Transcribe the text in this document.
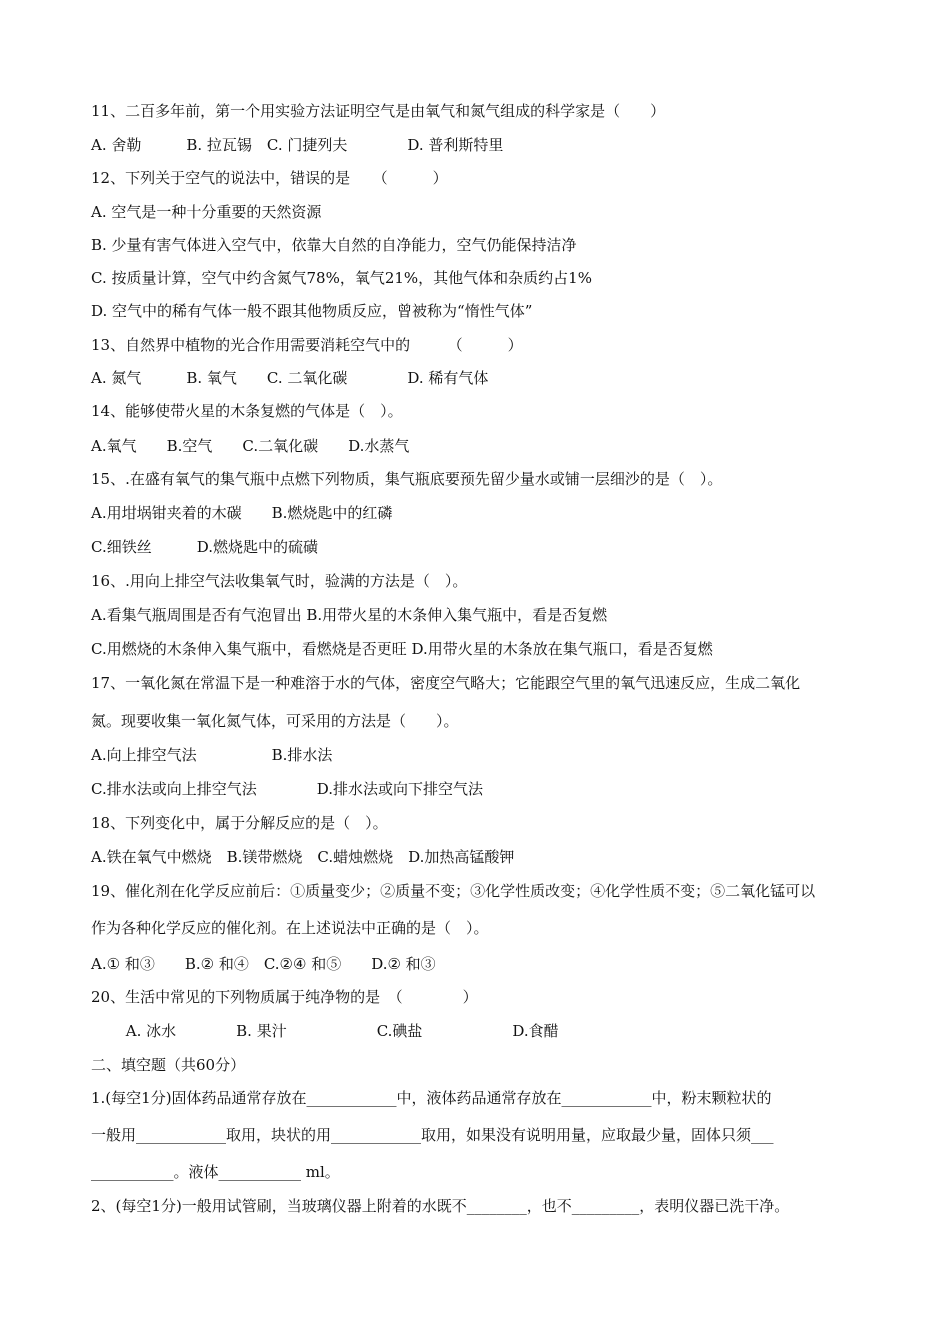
11、二百多年前，第一个用实验方法证明空气是由氧气和氮气组成的科学家是（　　）
A. 舍勒　　　B. 拉瓦锡　C. 门捷列夫　　　　D. 普利斯特里
12、下列关于空气的说法中，错误的是　　（　　　）
A. 空气是一种十分重要的天然资源
B. 少量有害气体进入空气中，依靠大自然的自净能力，空气仍能保持洁净
C. 按质量计算，空气中约含氮气78%，氧气21%，其他气体和杂质约占1%
D. 空气中的稀有气体一般不跟其他物质反应，曾被称为“惰性气体”
13、自然界中植物的光合作用需要消耗空气中的　　　（　　　）
A. 氮气　　　B. 氧气　　C. 二氧化碳　　　　D. 稀有气体
14、能够使带火星的木条复燃的气体是（　）。
A.氧气　　B.空气　　C.二氧化碳　　D.水蒸气
15、.在盛有氧气的集气瓶中点燃下列物质，集气瓶底要预先留少量水或铺一层细沙的是（　）。
A.用坩埚钳夹着的木碳　　B.燃烧匙中的红磷
C.细铁丝　　　D.燃烧匙中的硫磺
16、.用向上排空气法收集氧气时，验满的方法是（　）。
A.看集气瓶周围是否有气泡冒出 B.用带火星的木条伸入集气瓶中，看是否复燃
C.用燃烧的木条伸入集气瓶中，看燃烧是否更旺 D.用带火星的木条放在集气瓶口，看是否复燃
17、一氧化氮在常温下是一种难溶于水的气体，密度空气略大；它能跟空气里的氧气迅速反应，生成二氧化
氮。现要收集一氧化氮气体，可采用的方法是（　　）。
A.向上排空气法　　　　　B.排水法
C.排水法或向上排空气法　　　　D.排水法或向下排空气法
18、下列变化中，属于分解反应的是（　）。
A.铁在氧气中燃烧　B.镁带燃烧　C.蜡烛燃烧　D.加热高锰酸钾
19、催化剂在化学反应前后：①质量变少；②质量不变；③化学性质改变；④化学性质不变；⑤二氧化锰可以
作为各种化学反应的催化剂。在上述说法中正确的是（　）。
A.① 和③　　B.② 和④　C.②④ 和⑤　　D.② 和③
20、生活中常见的下列物质属于纯净物的是　（　　　　）
　　 A. 冰水　　　　B. 果汁　　　　　　C.碘盐　　　　　　D.食醋
二、填空题（共60分）
1.(每空1分)固体药品通常存放在____________中，液体药品通常存放在____________中，粉末颗粒状的
一般用____________取用，块状的用____________取用，如果没有说明用量，应取最少量，固体只须___
___________。液体___________ ml。
2、(每空1分)一般用试管刷，当玻璃仪器上附着的水既不________，也不_________，表明仪器已洗干净。
